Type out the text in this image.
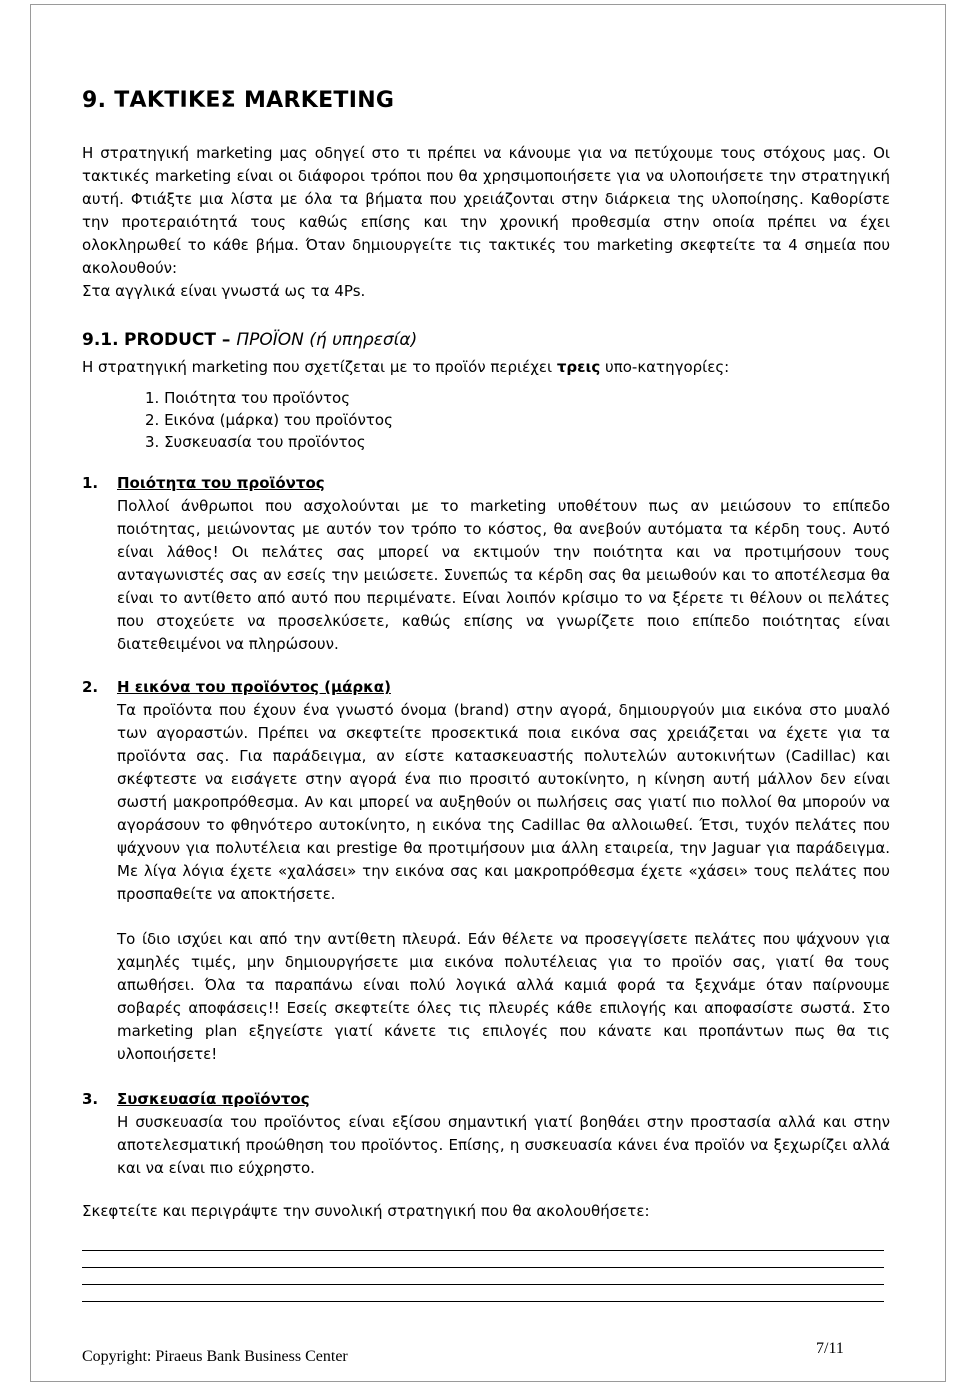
9. ΤΑΚΤΙΚΕΣ MARKETING

Η στρατηγική marketing μας οδηγεί στο τι πρέπει να κάνουμε για να πετύχουμε τους στόχους μας. Οι τακτικές marketing είναι οι διάφοροι τρόποι που θα χρησιμοποιήσετε για να υλοποιήσετε την στρατηγική αυτή. Φτιάξτε μια λίστα με όλα τα βήματα που χρειάζονται στην διάρκεια της υλοποίησης. Καθορίστε την προτεραιότητά τους καθώς επίσης και την χρονική προθεσμία στην οποία πρέπει να έχει ολοκληρωθεί το κάθε βήμα. Όταν δημιουργείτε τις τακτικές του marketing σκεφτείτε τα 4 σημεία που ακολουθούν:

Στα αγγλικά είναι γνωστά ως τα 4Ps.

9.1. PRODUCT – ΠΡΟΪΟΝ (ή υπηρεσία)

Η στρατηγική marketing που σχετίζεται με το προϊόν περιέχει τρεις υπο-κατηγορίες:

1. Ποιότητα του προϊόντος
2. Εικόνα (μάρκα) του προϊόντος
3. Συσκευασία του προϊόντος
1. Ποιότητα του προϊόντος

Πολλοί άνθρωποι που ασχολούνται με το marketing υποθέτουν πως αν μειώσουν το επίπεδο ποιότητας, μειώνοντας με αυτόν τον τρόπο το κόστος, θα ανεβούν αυτόματα τα κέρδη τους. Αυτό είναι λάθος! Οι πελάτες σας μπορεί να εκτιμούν την ποιότητα και να προτιμήσουν τους ανταγωνιστές σας αν εσείς την μειώσετε. Συνεπώς τα κέρδη σας θα μειωθούν και το αποτέλεσμα θα είναι το αντίθετο από αυτό που περιμένατε. Είναι λοιπόν κρίσιμο το να ξέρετε τι θέλουν οι πελάτες που στοχεύετε να προσελκύσετε, καθώς επίσης να γνωρίζετε ποιο επίπεδο ποιότητας είναι διατεθειμένοι να πληρώσουν.

2. Η εικόνα του προϊόντος (μάρκα)

Τα προϊόντα που έχουν ένα γνωστό όνομα (brand) στην αγορά, δημιουργούν μια εικόνα στο μυαλό των αγοραστών. Πρέπει να σκεφτείτε προσεκτικά ποια εικόνα σας χρειάζεται να έχετε για τα προϊόντα σας. Για παράδειγμα, αν είστε κατασκευαστής πολυτελών αυτοκινήτων (Cadillac) και σκέφτεστε να εισάγετε στην αγορά ένα πιο προσιτό αυτοκίνητο, η κίνηση αυτή μάλλον δεν είναι σωστή μακροπρόθεσμα. Αν και μπορεί να αυξηθούν οι πωλήσεις σας γιατί πιο πολλοί θα μπορούν να αγοράσουν το φθηνότερο αυτοκίνητο, η εικόνα της Cadillac θα αλλοιωθεί. Έτσι, τυχόν πελάτες που ψάχνουν για πολυτέλεια και prestige θα προτιμήσουν μια άλλη εταιρεία, την Jaguar για παράδειγμα. Με λίγα λόγια έχετε «χαλάσει» την εικόνα σας και μακροπρόθεσμα έχετε «χάσει» τους πελάτες που προσπαθείτε να αποκτήσετε.

Το ίδιο ισχύει και από την αντίθετη πλευρά. Εάν θέλετε να προσεγγίσετε πελάτες που ψάχνουν για χαμηλές τιμές, μην δημιουργήσετε μια εικόνα πολυτέλειας για το προϊόν σας, γιατί θα τους απωθήσει. Όλα τα παραπάνω είναι πολύ λογικά αλλά καμιά φορά τα ξεχνάμε όταν παίρνουμε σοβαρές αποφάσεις!! Εσείς σκεφτείτε όλες τις πλευρές κάθε επιλογής και αποφασίστε σωστά. Στο marketing plan εξηγείστε γιατί κάνετε τις επιλογές που κάνατε και προπάντων πως θα τις υλοποιήσετε!

3. Συσκευασία προϊόντος

Η συσκευασία του προϊόντος είναι εξίσου σημαντική γιατί βοηθάει στην προστασία αλλά και στην αποτελεσματική προώθηση του προϊόντος. Επίσης, η συσκευασία κάνει ένα προϊόν να ξεχωρίζει αλλά και να είναι πιο εύχρηστο.

Σκεφτείτε και περιγράψτε την συνολική στρατηγική που θα ακολουθήσετε:

Copyright: Piraeus Bank Business Center	7/11
